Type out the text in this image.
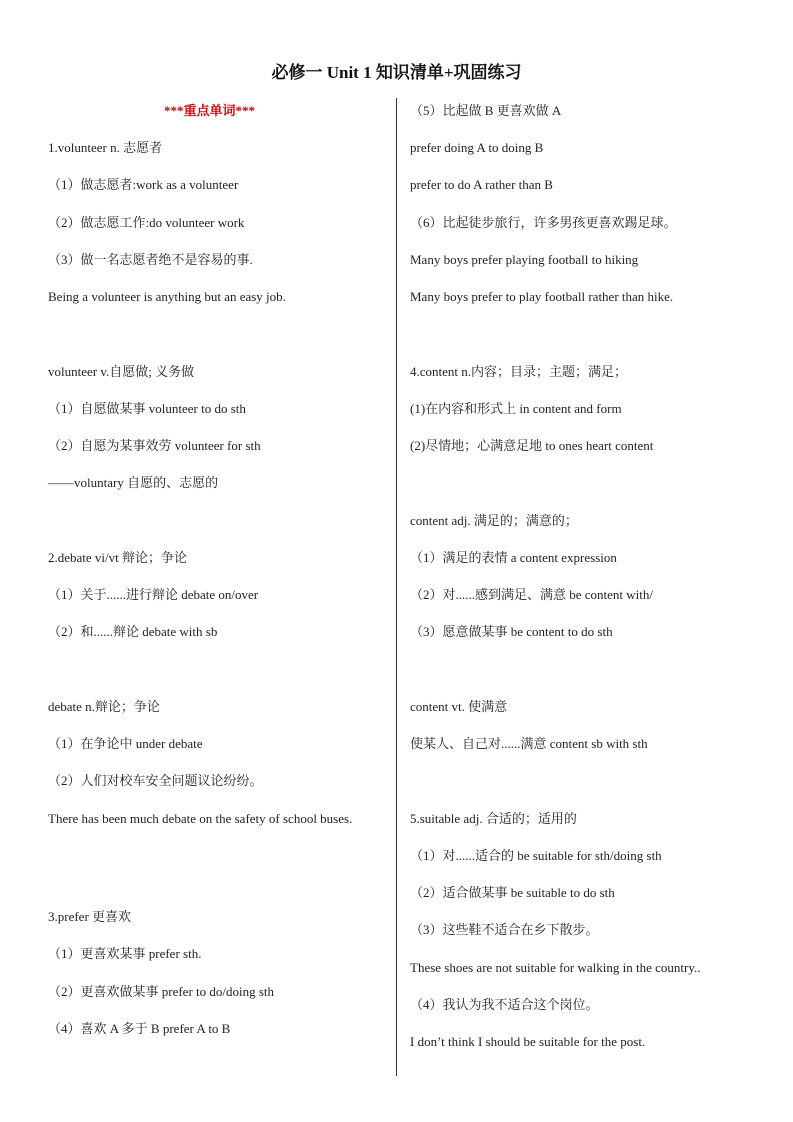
必修一 Unit 1 知识清单+巩固练习

***重点单词***

1.volunteer n. 志愿者

（1）做志愿者:work as a volunteer

（2）做志愿工作:do volunteer work

（3）做一名志愿者绝不是容易的事.

Being a volunteer is anything but an easy job.

volunteer v.自愿做; 义务做

（1）自愿做某事 volunteer to do sth

（2）自愿为某事效劳 volunteer for sth

——voluntary 自愿的、志愿的

2.debate vi/vt 辩论；争论

（1）关于......进行辩论 debate on/over

（2）和......辩论 debate with sb

debate n.辩论；争论

（1）在争论中 under debate

（2）人们对校车安全问题议论纷纷。

There has been much debate on the safety of school buses.

3.prefer 更喜欢

（1）更喜欢某事 prefer sth.

（2）更喜欢做某事 prefer to do/doing sth

（4）喜欢 A 多于 B prefer A to B

（5）比起做 B 更喜欢做 A

prefer doing A to doing B

prefer to do A rather than B

（6）比起徒步旅行，许多男孩更喜欢踢足球。

Many boys prefer playing football to hiking

Many boys prefer to play football rather than hike.

4.content n.内容；目录；主题；满足；

(1)在内容和形式上 in content and form

(2)尽情地；心满意足地 to ones heart content

content adj. 满足的；满意的；

（1）满足的表情 a content expression

（2）对......感到满足、满意 be content with/

（3）愿意做某事 be content to do sth

content vt. 使满意

使某人、自己对......满意 content sb with sth

5.suitable adj. 合适的；适用的

（1）对......适合的 be suitable for sth/doing sth

（2）适合做某事 be suitable to do sth

（3）这些鞋不适合在乡下散步。

These shoes are not suitable for walking in the country..

（4）我认为我不适合这个岗位。

I don’t think I should be suitable for the post.
